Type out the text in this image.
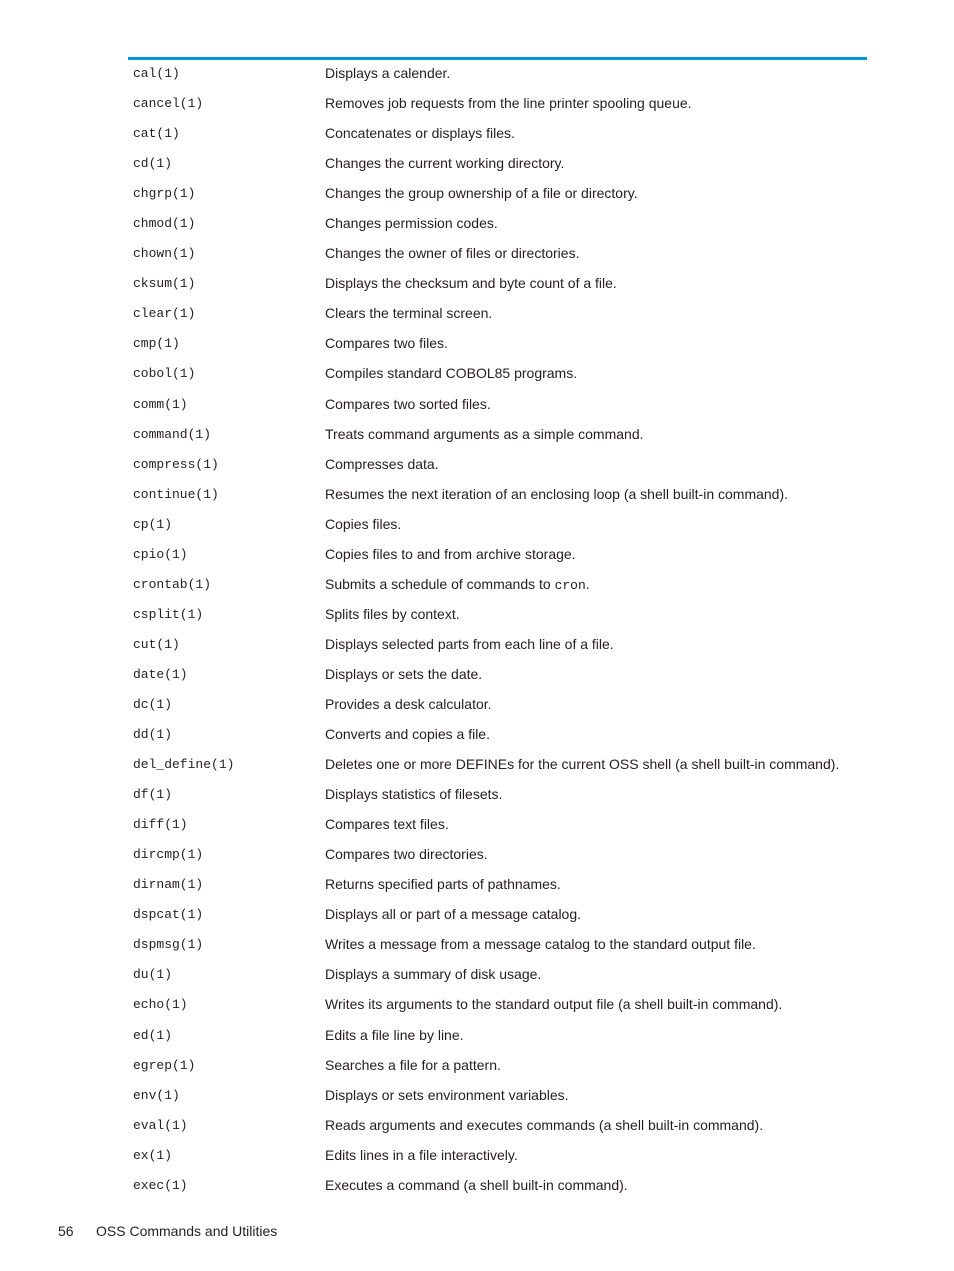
cal(1)	Displays a calender.
cancel(1)	Removes job requests from the line printer spooling queue.
cat(1)	Concatenates or displays files.
cd(1)	Changes the current working directory.
chgrp(1)	Changes the group ownership of a file or directory.
chmod(1)	Changes permission codes.
chown(1)	Changes the owner of files or directories.
cksum(1)	Displays the checksum and byte count of a file.
clear(1)	Clears the terminal screen.
cmp(1)	Compares two files.
cobol(1)	Compiles standard COBOL85 programs.
comm(1)	Compares two sorted files.
command(1)	Treats command arguments as a simple command.
compress(1)	Compresses data.
continue(1)	Resumes the next iteration of an enclosing loop (a shell built-in command).
cp(1)	Copies files.
cpio(1)	Copies files to and from archive storage.
crontab(1)	Submits a schedule of commands to cron.
csplit(1)	Splits files by context.
cut(1)	Displays selected parts from each line of a file.
date(1)	Displays or sets the date.
dc(1)	Provides a desk calculator.
dd(1)	Converts and copies a file.
del_define(1)	Deletes one or more DEFINEs for the current OSS shell (a shell built-in command).
df(1)	Displays statistics of filesets.
diff(1)	Compares text files.
dircmp(1)	Compares two directories.
dirnam(1)	Returns specified parts of pathnames.
dspcat(1)	Displays all or part of a message catalog.
dspmsg(1)	Writes a message from a message catalog to the standard output file.
du(1)	Displays a summary of disk usage.
echo(1)	Writes its arguments to the standard output file (a shell built-in command).
ed(1)	Edits a file line by line.
egrep(1)	Searches a file for a pattern.
env(1)	Displays or sets environment variables.
eval(1)	Reads arguments and executes commands (a shell built-in command).
ex(1)	Edits lines in a file interactively.
exec(1)	Executes a command (a shell built-in command).
56 OSS Commands and Utilities
